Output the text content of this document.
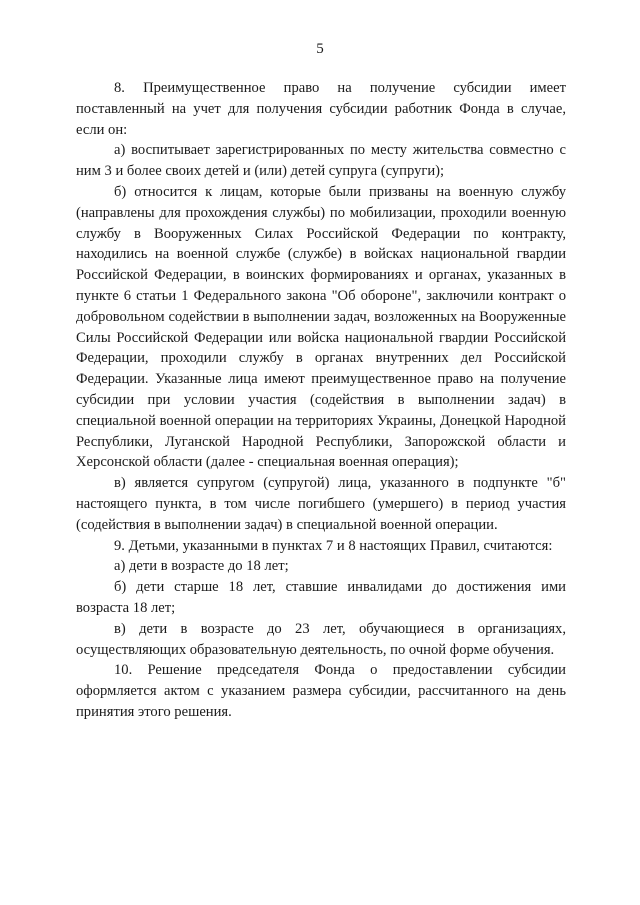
5

8. Преимущественное право на получение субсидии имеет поставленный на учет для получения субсидии работник Фонда в случае, если он:

а) воспитывает зарегистрированных по месту жительства совместно с ним 3 и более своих детей и (или) детей супруга (супруги);

б) относится к лицам, которые были призваны на военную службу (направлены для прохождения службы) по мобилизации, проходили военную службу в Вооруженных Силах Российской Федерации по контракту, находились на военной службе (службе) в войсках национальной гвардии Российской Федерации, в воинских формированиях и органах, указанных в пункте 6 статьи 1 Федерального закона "Об обороне", заключили контракт о добровольном содействии в выполнении задач, возложенных на Вооруженные Силы Российской Федерации или войска национальной гвардии Российской Федерации, проходили службу в органах внутренних дел Российской Федерации. Указанные лица имеют преимущественное право на получение субсидии при условии участия (содействия в выполнении задач) в специальной военной операции на территориях Украины, Донецкой Народной Республики, Луганской Народной Республики, Запорожской области и Херсонской области (далее - специальная военная операция);

в) является супругом (супругой) лица, указанного в подпункте "б" настоящего пункта, в том числе погибшего (умершего) в период участия (содействия в выполнении задач) в специальной военной операции.

9. Детьми, указанными в пунктах 7 и 8 настоящих Правил, считаются:

а) дети в возрасте до 18 лет;

б) дети старше 18 лет, ставшие инвалидами до достижения ими возраста 18 лет;

в) дети в возрасте до 23 лет, обучающиеся в организациях, осуществляющих образовательную деятельность, по очной форме обучения.

10. Решение председателя Фонда о предоставлении субсидии оформляется актом с указанием размера субсидии, рассчитанного на день принятия этого решения.
